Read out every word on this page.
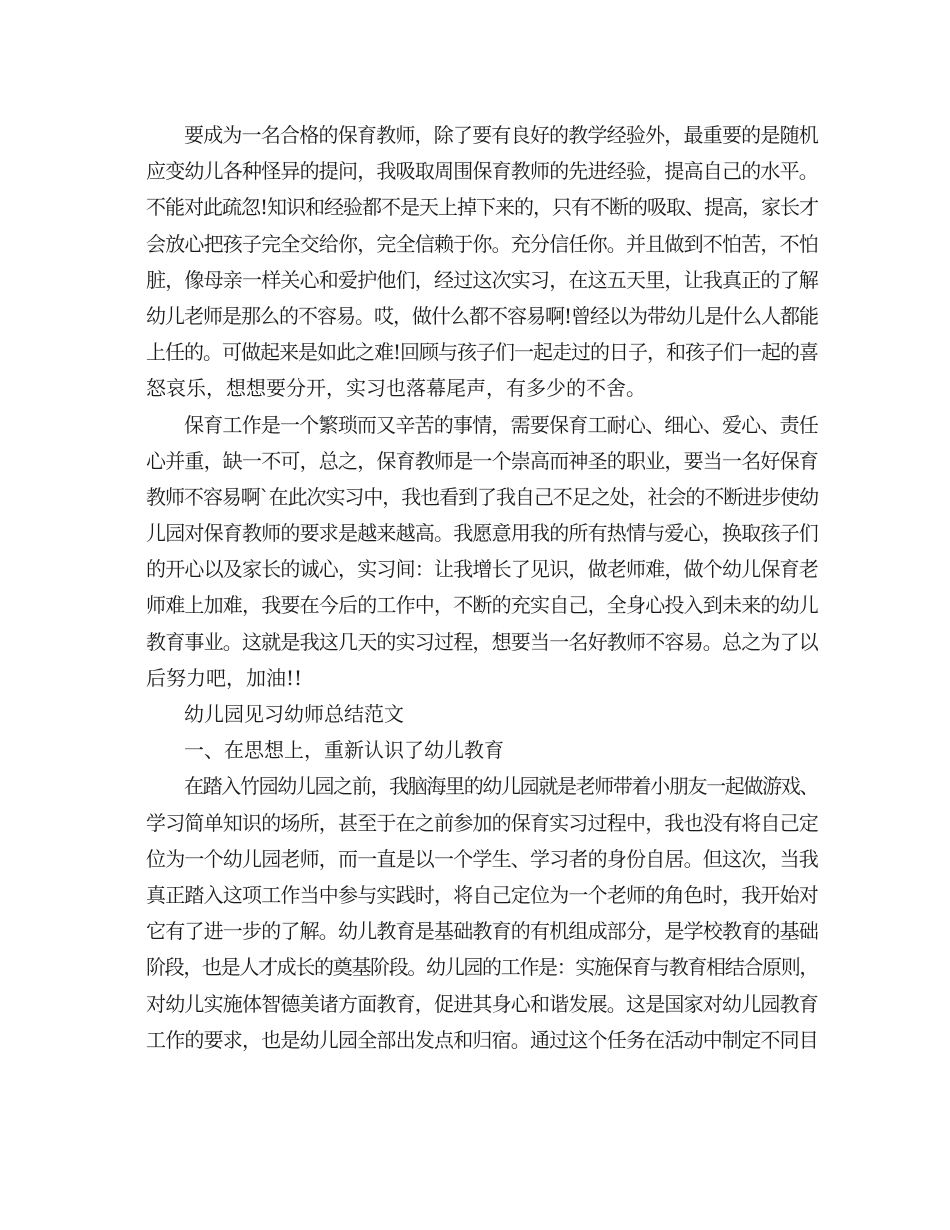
要成为一名合格的保育教师，除了要有良好的教学经验外，最重要的是随机
应变幼儿各种怪异的提问，我吸取周围保育教师的先进经验，提高自己的水平。
不能对此疏忽!知识和经验都不是天上掉下来的，只有不断的吸取、提高，家长才
会放心把孩子完全交给你，完全信赖于你。充分信任你。并且做到不怕苦，不怕
脏，像母亲一样关心和爱护他们，经过这次实习，在这五天里，让我真正的了解
幼儿老师是那么的不容易。哎，做什么都不容易啊!曾经以为带幼儿是什么人都能
上任的。可做起来是如此之难!回顾与孩子们一起走过的日子，和孩子们一起的喜
怒哀乐，想想要分开，实习也落幕尾声，有多少的不舍。
保育工作是一个繁琐而又辛苦的事情，需要保育工耐心、细心、爱心、责任
心并重，缺一不可，总之，保育教师是一个崇高而神圣的职业，要当一名好保育
教师不容易啊`在此次实习中，我也看到了我自己不足之处，社会的不断进步使幼
儿园对保育教师的要求是越来越高。我愿意用我的所有热情与爱心，换取孩子们
的开心以及家长的诚心，实习间：让我增长了见识，做老师难，做个幼儿保育老
师难上加难，我要在今后的工作中，不断的充实自己，全身心投入到未来的幼儿
教育事业。这就是我这几天的实习过程，想要当一名好教师不容易。总之为了以
后努力吧，加油!!
幼儿园见习幼师总结范文
一、在思想上，重新认识了幼儿教育
在踏入竹园幼儿园之前，我脑海里的幼儿园就是老师带着小朋友一起做游戏、
学习简单知识的场所，甚至于在之前参加的保育实习过程中，我也没有将自己定
位为一个幼儿园老师，而一直是以一个学生、学习者的身份自居。但这次，当我
真正踏入这项工作当中参与实践时，将自己定位为一个老师的角色时，我开始对
它有了进一步的了解。幼儿教育是基础教育的有机组成部分，是学校教育的基础
阶段，也是人才成长的奠基阶段。幼儿园的工作是：实施保育与教育相结合原则，
对幼儿实施体智德美诸方面教育，促进其身心和谐发展。这是国家对幼儿园教育
工作的要求，也是幼儿园全部出发点和归宿。通过这个任务在活动中制定不同目
